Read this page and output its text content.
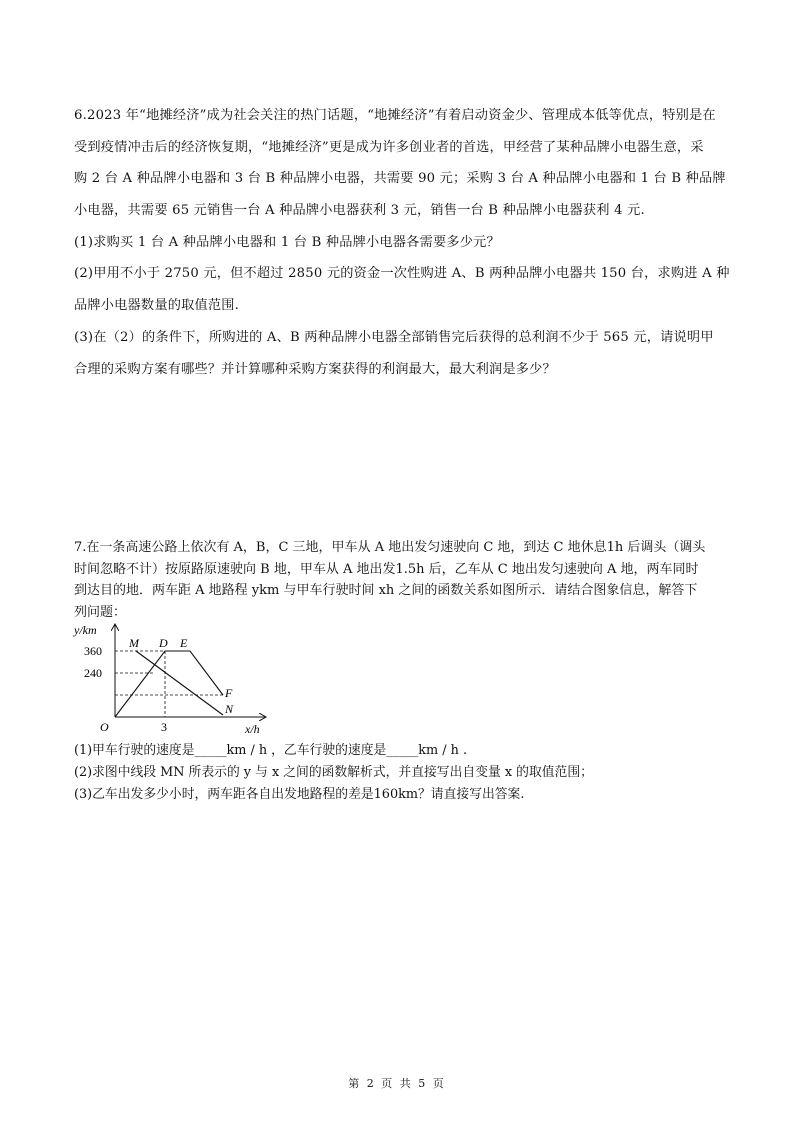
6.2023 年“地摊经济”成为社会关注的热门话题，“地摊经济”有着启动资金少、管理成本低等优点，特别是在
受到疫情冲击后的经济恢复期，“地摊经济”更是成为许多创业者的首选，甲经营了某种品牌小电器生意，采
购 2 台 A 种品牌小电器和 3 台 B 种品牌小电器，共需要 90 元；采购 3 台 A 种品牌小电器和 1 台 B 种品牌
小电器，共需要 65 元销售一台 A 种品牌小电器获利 3 元，销售一台 B 种品牌小电器获利 4 元.
(1)求购买 1 台 A 种品牌小电器和 1 台 B 种品牌小电器各需要多少元？
(2)甲用不小于 2750 元，但不超过 2850 元的资金一次性购进 A、B 两种品牌小电器共 150 台，求购进 A 种
品牌小电器数量的取值范围.
(3)在（2）的条件下，所购进的 A、B 两种品牌小电器全部销售完后获得的总利润不少于 565 元，请说明甲
合理的采购方案有哪些？并计算哪种采购方案获得的利润最大，最大利润是多少？
7.在一条高速公路上依次有 A，B，C 三地，甲车从 A 地出发匀速驶向 C 地，到达 C 地休息1h 后调头（调头
时间忽略不计）按原路原速驶向 B 地，甲车从 A 地出发1.5h 后，乙车从 C 地出发匀速驶向 A 地，两车同时
到达目的地．两车距 A 地路程 ykm 与甲车行驶时间 xh 之间的函数关系如图所示．请结合图象信息，解答下
列问题：
y/km
x/h
O
360
240
3
M D E
F
N
(1)甲车行驶的速度是_____km / h ，乙车行驶的速度是_____km / h .
(2)求图中线段 MN 所表示的 y 与 x 之间的函数解析式，并直接写出自变量 x 的取值范围；
(3)乙车出发多少小时，两车距各自出发地路程的差是160km？请直接写出答案.
第 2 页 共 5 页
